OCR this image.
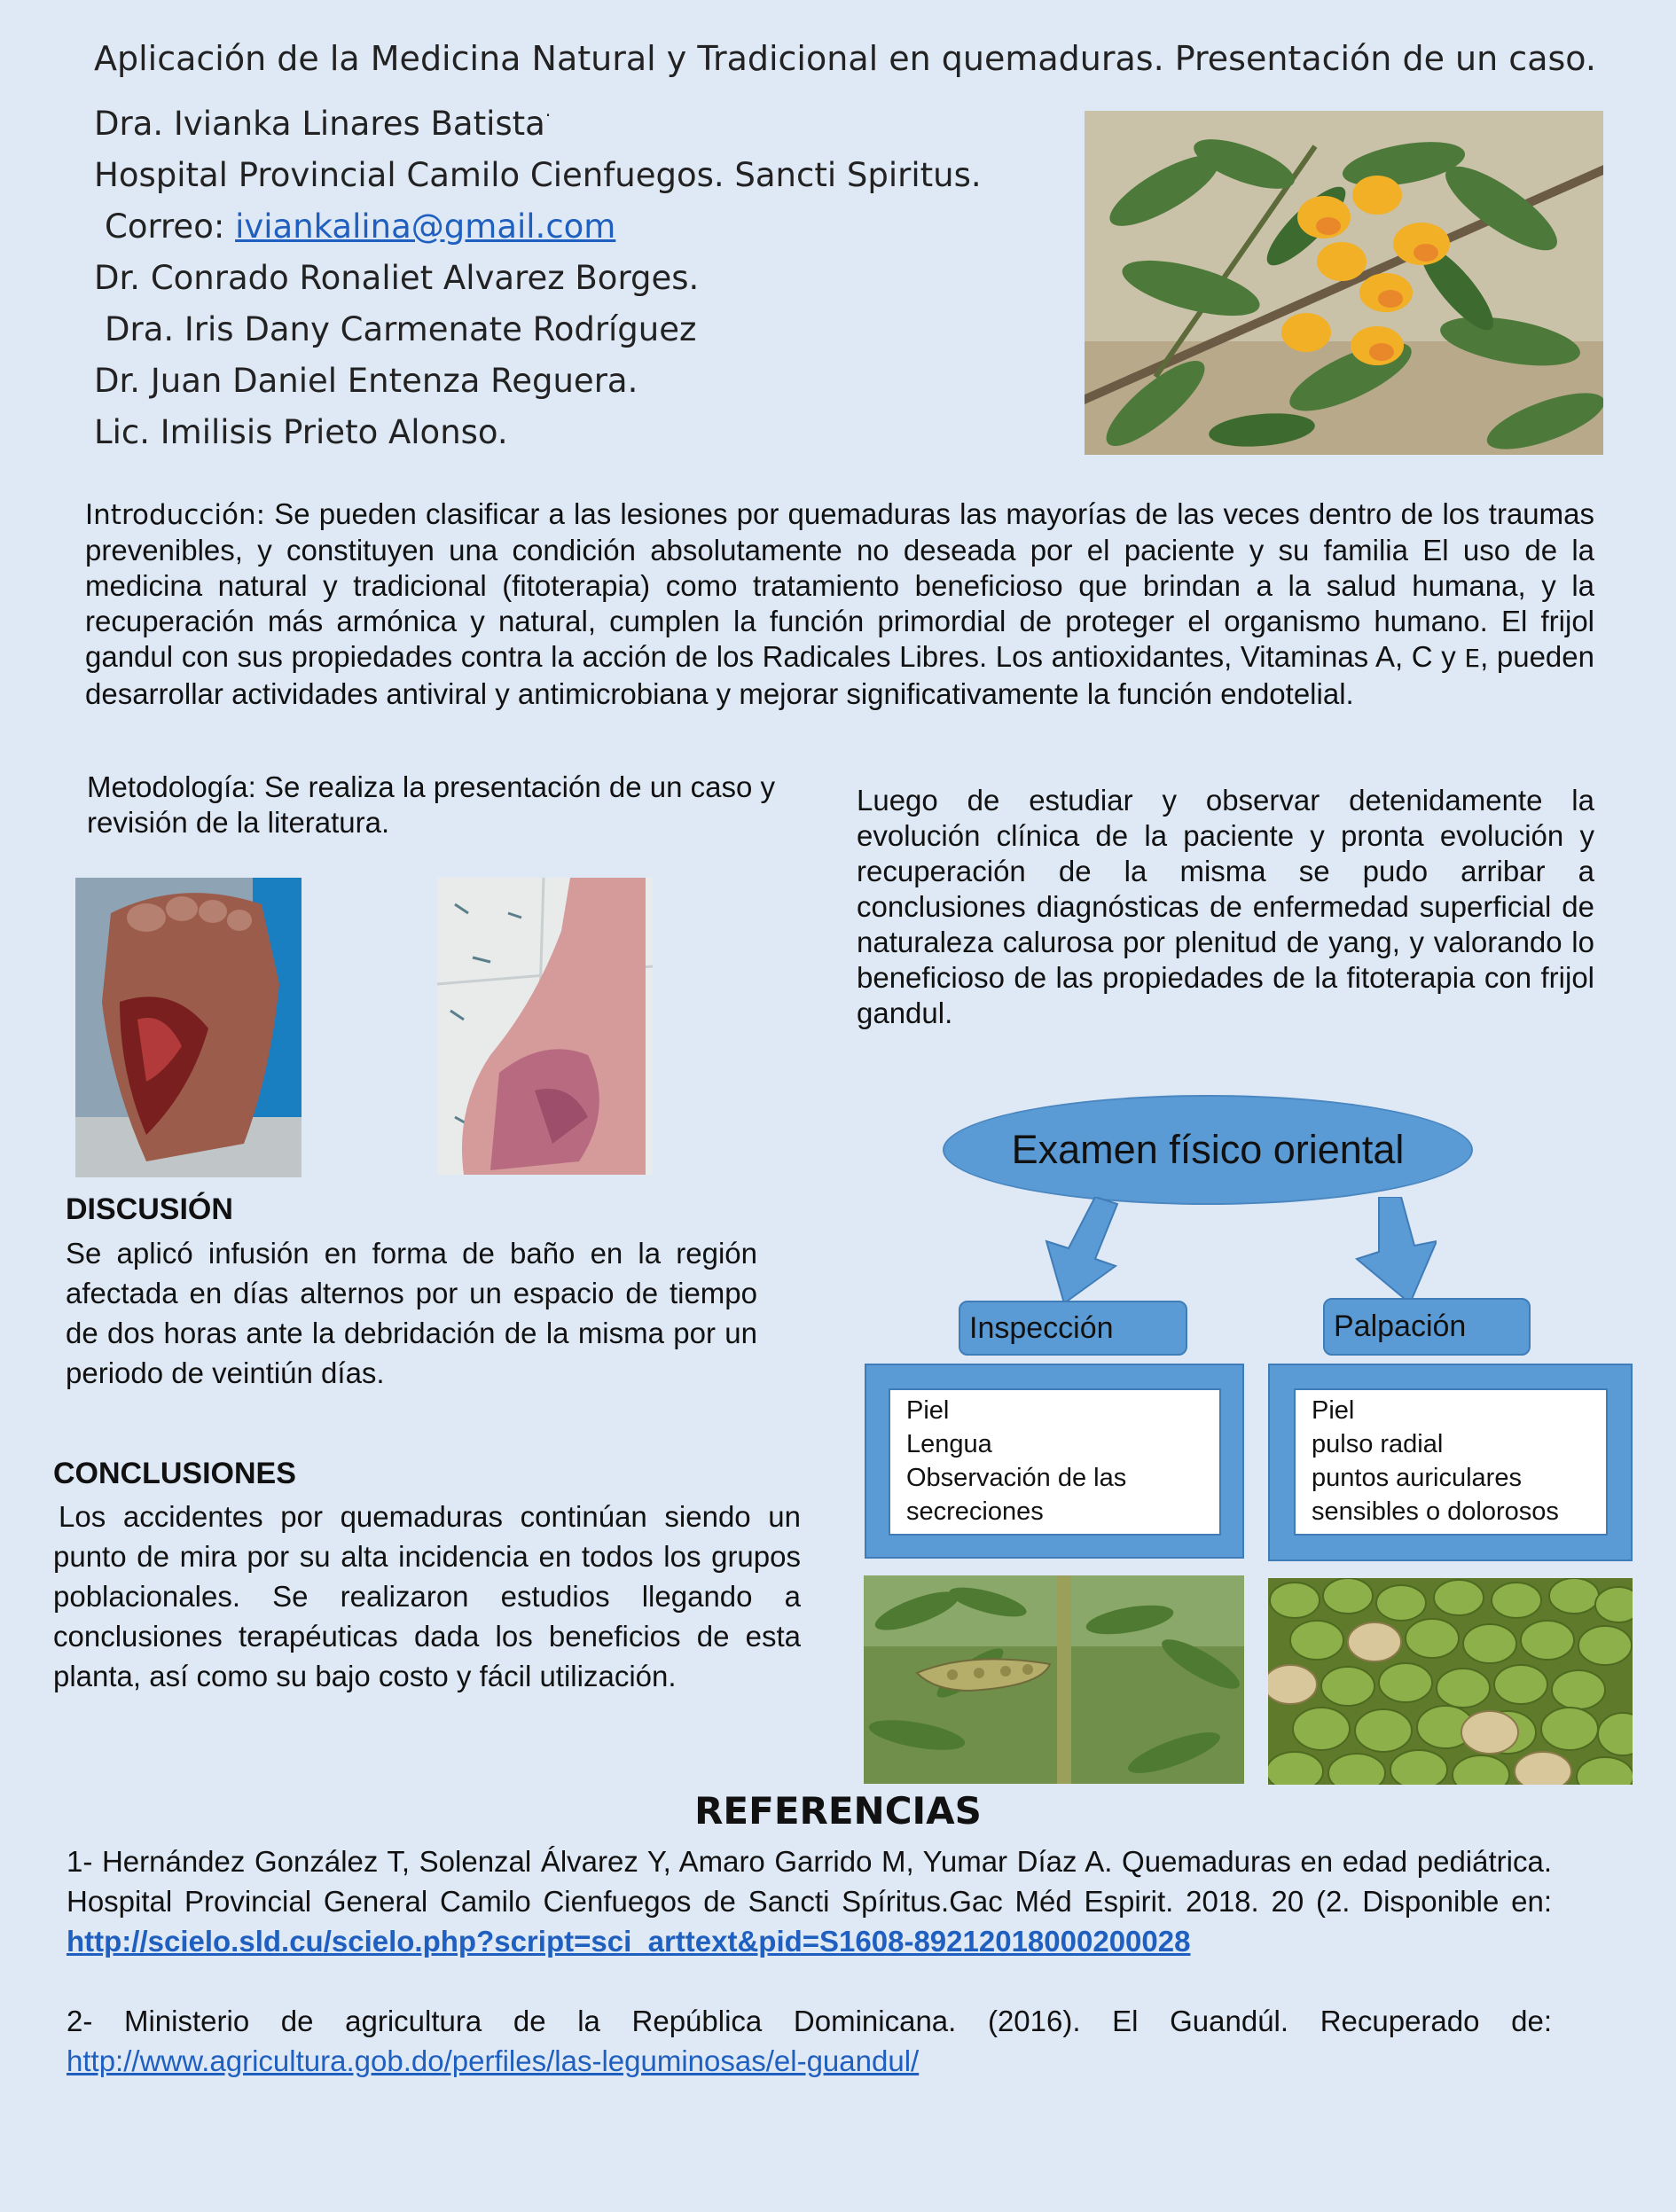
Aplicación de la Medicina Natural y Tradicional en quemaduras. Presentación de un caso.
Dra. Ivianka Linares Batista·
Hospital Provincial Camilo Cienfuegos. Sancti Spiritus.
Correo: iviankalina@gmail.com
Dr. Conrado Ronaliet Alvarez Borges.
Dra. Iris Dany Carmenate Rodríguez
Dr. Juan Daniel Entenza Reguera.
Lic. Imilisis Prieto Alonso.
Introducción: Se pueden clasificar a las lesiones por quemaduras las mayorías de las veces dentro de los traumas prevenibles, y constituyen una condición absolutamente no deseada por el paciente y su familia El uso de la medicina natural y tradicional (fitoterapia) como tratamiento beneficioso que brindan a la salud humana, y la recuperación más armónica y natural, cumplen la función primordial de proteger el organismo humano. El frijol gandul con sus propiedades contra la acción de los Radicales Libres. Los antioxidantes, Vitaminas A, C y E, pueden desarrollar actividades antiviral y antimicrobiana y mejorar significativamente la función endotelial.
Metodología: Se realiza la presentación de un caso y revisión de la literatura.
Luego de estudiar y observar detenidamente la evolución clínica de la paciente y pronta evolución y recuperación de la misma se pudo arribar a conclusiones diagnósticas de enfermedad superficial de naturaleza calurosa por plenitud de yang, y valorando lo beneficioso de las propiedades de la fitoterapia con frijol gandul.
DISCUSIÓN
Se aplicó infusión en forma de baño en la región afectada en días alternos por un espacio de tiempo de dos horas ante la debridación de la misma por un periodo de veintiún días.
CONCLUSIONES
Los accidentes por quemaduras continúan siendo un punto de mira por su alta incidencia en todos los grupos poblacionales. Se realizaron estudios llegando a conclusiones terapéuticas dada los beneficios de esta planta, así como su bajo costo y fácil utilización.
Examen físico oriental
Inspección	Palpación
Piel
Lengua
Observación de las
secreciones
Piel
pulso radial
puntos auriculares
sensibles o dolorosos
REFERENCIAS
1- Hernández González T, Solenzal Álvarez Y, Amaro Garrido M, Yumar Díaz A. Quemaduras en edad pediátrica. Hospital Provincial General Camilo Cienfuegos de Sancti Spíritus.Gac Méd Espirit. 2018. 20 (2. Disponible en: http://scielo.sld.cu/scielo.php?script=sci_arttext&pid=S1608-89212018000200028
2- Ministerio de agricultura de la República Dominicana. (2016). El Guandúl. Recuperado de: http://www.agricultura.gob.do/perfiles/las-leguminosas/el-guandul/
